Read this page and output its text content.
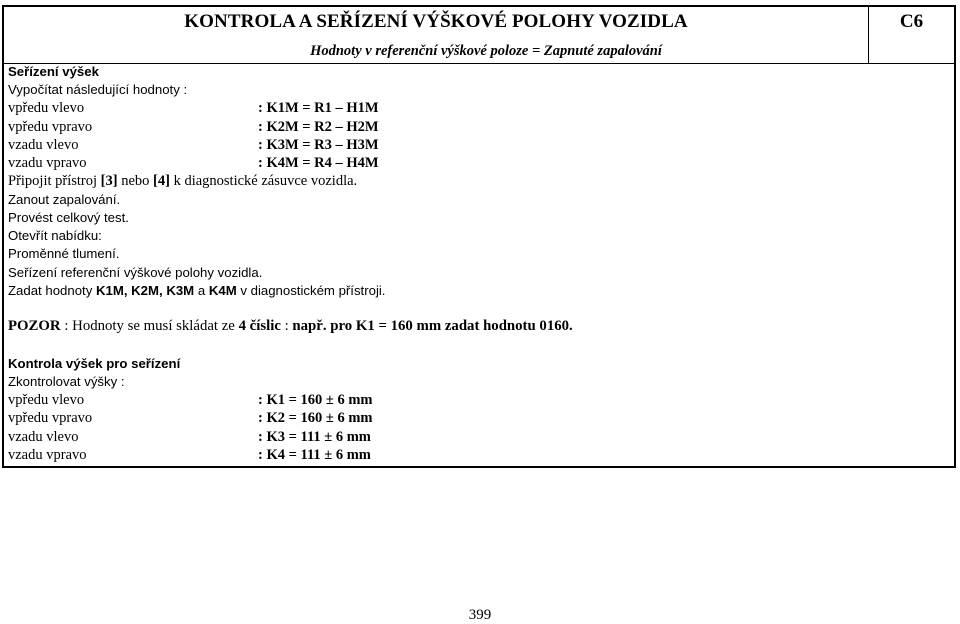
KONTROLA A SEŘÍZENÍ VÝŠKOVÉ POLOHY VOZIDLA	C6
Hodnoty v referenční výškové poloze = Zapnuté zapalování
Seřízení výšek
Vypočítat následující hodnoty :
vpředu vlevo	: K1M = R1 – H1M
vpředu vpravo	: K2M = R2 – H2M
vzadu vlevo	: K3M = R3 – H3M
vzadu vpravo	: K4M = R4 – H4M
Připojit přístroj [3] nebo [4] k diagnostické zásuvce vozidla.
Zanout zapalování.
Provést celkový test.
Otevřít nabídku:
Proměnné tlumení.
Seřízení referenční výškové polohy vozidla.
Zadat hodnoty K1M, K2M, K3M a K4M v diagnostickém přístroji.
POZOR : Hodnoty se musí skládat ze 4 číslic : např. pro K1 = 160 mm zadat hodnotu 0160.
Kontrola výšek pro seřízení
Zkontrolovat výšky :
vpředu vlevo	: K1 = 160 ± 6 mm
vpředu vpravo	: K2 = 160 ± 6 mm
vzadu vlevo	: K3 = 111 ± 6 mm
vzadu vpravo	: K4 = 111 ± 6 mm
399
